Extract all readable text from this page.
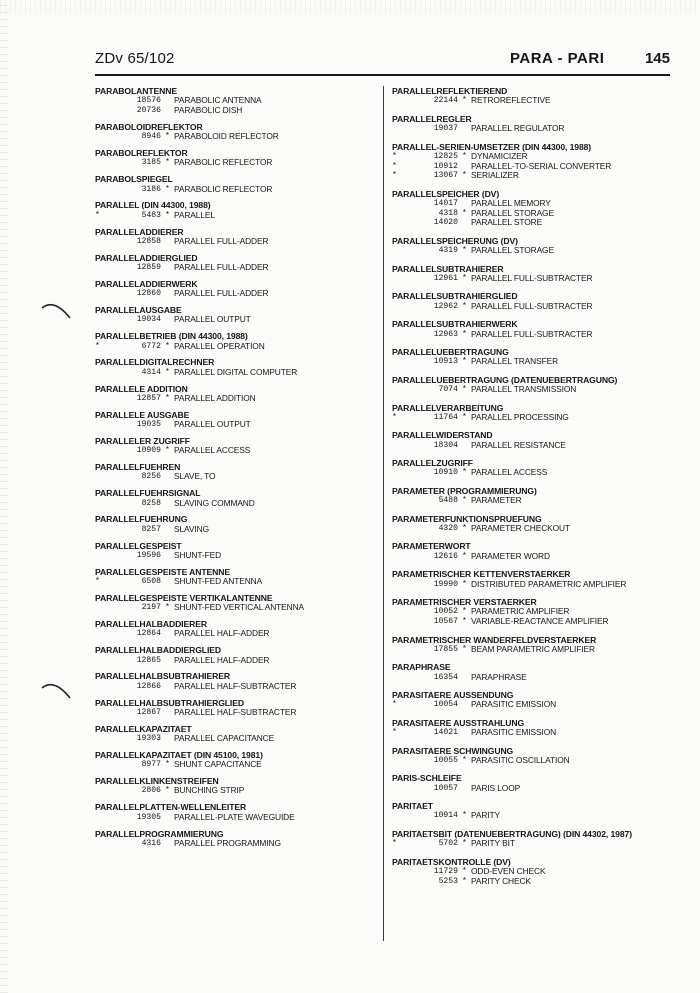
ZDv 65/102	PARA - PARI	145
PARABOLANTENNE
18576 PARABOLIC ANTENNA
20736 PARABOLIC DISH
PARABOLOIDREFLEKTOR
8946 * PARABOLOID REFLECTOR
PARABOLREFLEKTOR
3185 * PARABOLIC REFLECTOR
PARABOLSPIEGEL
3186 * PARABOLIC REFLECTOR
PARALLEL (DIN 44300, 1988)
*	5483 * PARALLEL
PARALLELADDIERER
12858 PARALLEL FULL-ADDER
PARALLELADDIERGLIED
12859 PARALLEL FULL-ADDER
PARALLELADDIERWERK
12860 PARALLEL FULL-ADDER
PARALLELAUSGABE
19034 PARALLEL OUTPUT
PARALLELBETRIEB (DIN 44300, 1988)
*	6772 * PARALLEL OPERATION
PARALLELDIGITALRECHNER
4314 * PARALLEL DIGITAL COMPUTER
PARALLELE ADDITION
12857 * PARALLEL ADDITION
PARALLELE AUSGABE
19035 PARALLEL OUTPUT
PARALLELER ZUGRIFF
10909 * PARALLEL ACCESS
PARALLELFUEHREN
8256 SLAVE, TO
PARALLELFUEHRSIGNAL
8258 SLAVING COMMAND
PARALLELFUEHRUNG
8257 SLAVING
PARALLELGESPEIST
19596 SHUNT-FED
PARALLELGESPEISTE ANTENNE
*	6508 SHUNT-FED ANTENNA
PARALLELGESPEISTE VERTIKALANTENNE
2197 * SHUNT-FED VERTICAL ANTENNA
PARALLELHALBADDIERER
12864 PARALLEL HALF-ADDER
PARALLELHALBADDIERGLIED
12865 PARALLEL HALF-ADDER
PARALLELHALBSUBTRAHIERER
12866 PARALLEL HALF-SUBTRACTER
PARALLELHALBSUBTRAHIERGLIED
12867 PARALLEL HALF-SUBTRACTER
PARALLELKAPAZITAET
19303 PARALLEL CAPACITANCE
PARALLELKAPAZITAET (DIN 45100, 1981)
8977 * SHUNT CAPACITANCE
PARALLELKLINKENSTREIFEN
2806 * BUNCHING STRIP
PARALLELPLATTEN-WELLENLEITER
19305 PARALLEL-PLATE WAVEGUIDE
PARALLELPROGRAMMIERUNG
4316 PARALLEL PROGRAMMING
PARALLELREFLEKTIEREND
22144 * RETROREFLECTIVE
PARALLELREGLER
19037 PARALLEL REGULATOR
PARALLEL-SERIEN-UMSETZER (DIN 44300, 1988)
*	12825 * DYNAMICIZER
*	10912 PARALLEL-TO-SERIAL CONVERTER
*	13067 * SERIALIZER
PARALLELSPEICHER (DV)
14017 PARALLEL MEMORY
4318 * PARALLEL STORAGE
14020 PARALLEL STORE
PARALLELSPEICHERUNG (DV)
4319 * PARALLEL STORAGE
PARALLELSUBTRAHIERER
12961 * PARALLEL FULL-SUBTRACTER
PARALLELSUBTRAHIERGLIED
12962 * PARALLEL FULL-SUBTRACTER
PARALLELSUBTRAHIERWERK
12963 * PARALLEL FULL-SUBTRACTER
PARALLELUEBERTRAGUNG
10913 * PARALLEL TRANSFER
PARALLELUEBERTRAGUNG (DATENUEBERTRAGUNG)
7074 * PARALLEL TRANSMISSION
PARALLELVERARBEITUNG
*	11764 * PARALLEL PROCESSING
PARALLELWIDERSTAND
18304 PARALLEL RESISTANCE
PARALLELZUGRIFF
10910 * PARALLEL ACCESS
PARAMETER (PROGRAMMIERUNG)
5488 * PARAMETER
PARAMETERFUNKTIONSPRUEFUNG
4320 * PARAMETER CHECKOUT
PARAMETERWORT
12616 * PARAMETER WORD
PARAMETRISCHER KETTENVERSTAERKER
19990 * DISTRIBUTED PARAMETRIC AMPLIFIER
PARAMETRISCHER VERSTAERKER
10052 * PARAMETRIC AMPLIFIER
10567 * VARIABLE-REACTANCE AMPLIFIER
PARAMETRISCHER WANDERFELDVERSTAERKER
17855 * BEAM PARAMETRIC AMPLIFIER
PARAPHRASE
16354 PARAPHRASE
PARASITAERE AUSSENDUNG
*	10054 PARASITIC EMISSION
PARASITAERE AUSSTRAHLUNG
*	14021 PARASITIC EMISSION
PARASITAERE SCHWINGUNG
10055 * PARASITIC OSCILLATION
PARIS-SCHLEIFE
10057 PARIS LOOP
PARITAET
10914 * PARITY
PARITAETSBIT (DATENUEBERTRAGUNG) (DIN 44302, 1987)
*	5702 * PARITY BIT
PARITAETSKONTROLLE (DV)
11729 * ODD-EVEN CHECK
5253 * PARITY CHECK
